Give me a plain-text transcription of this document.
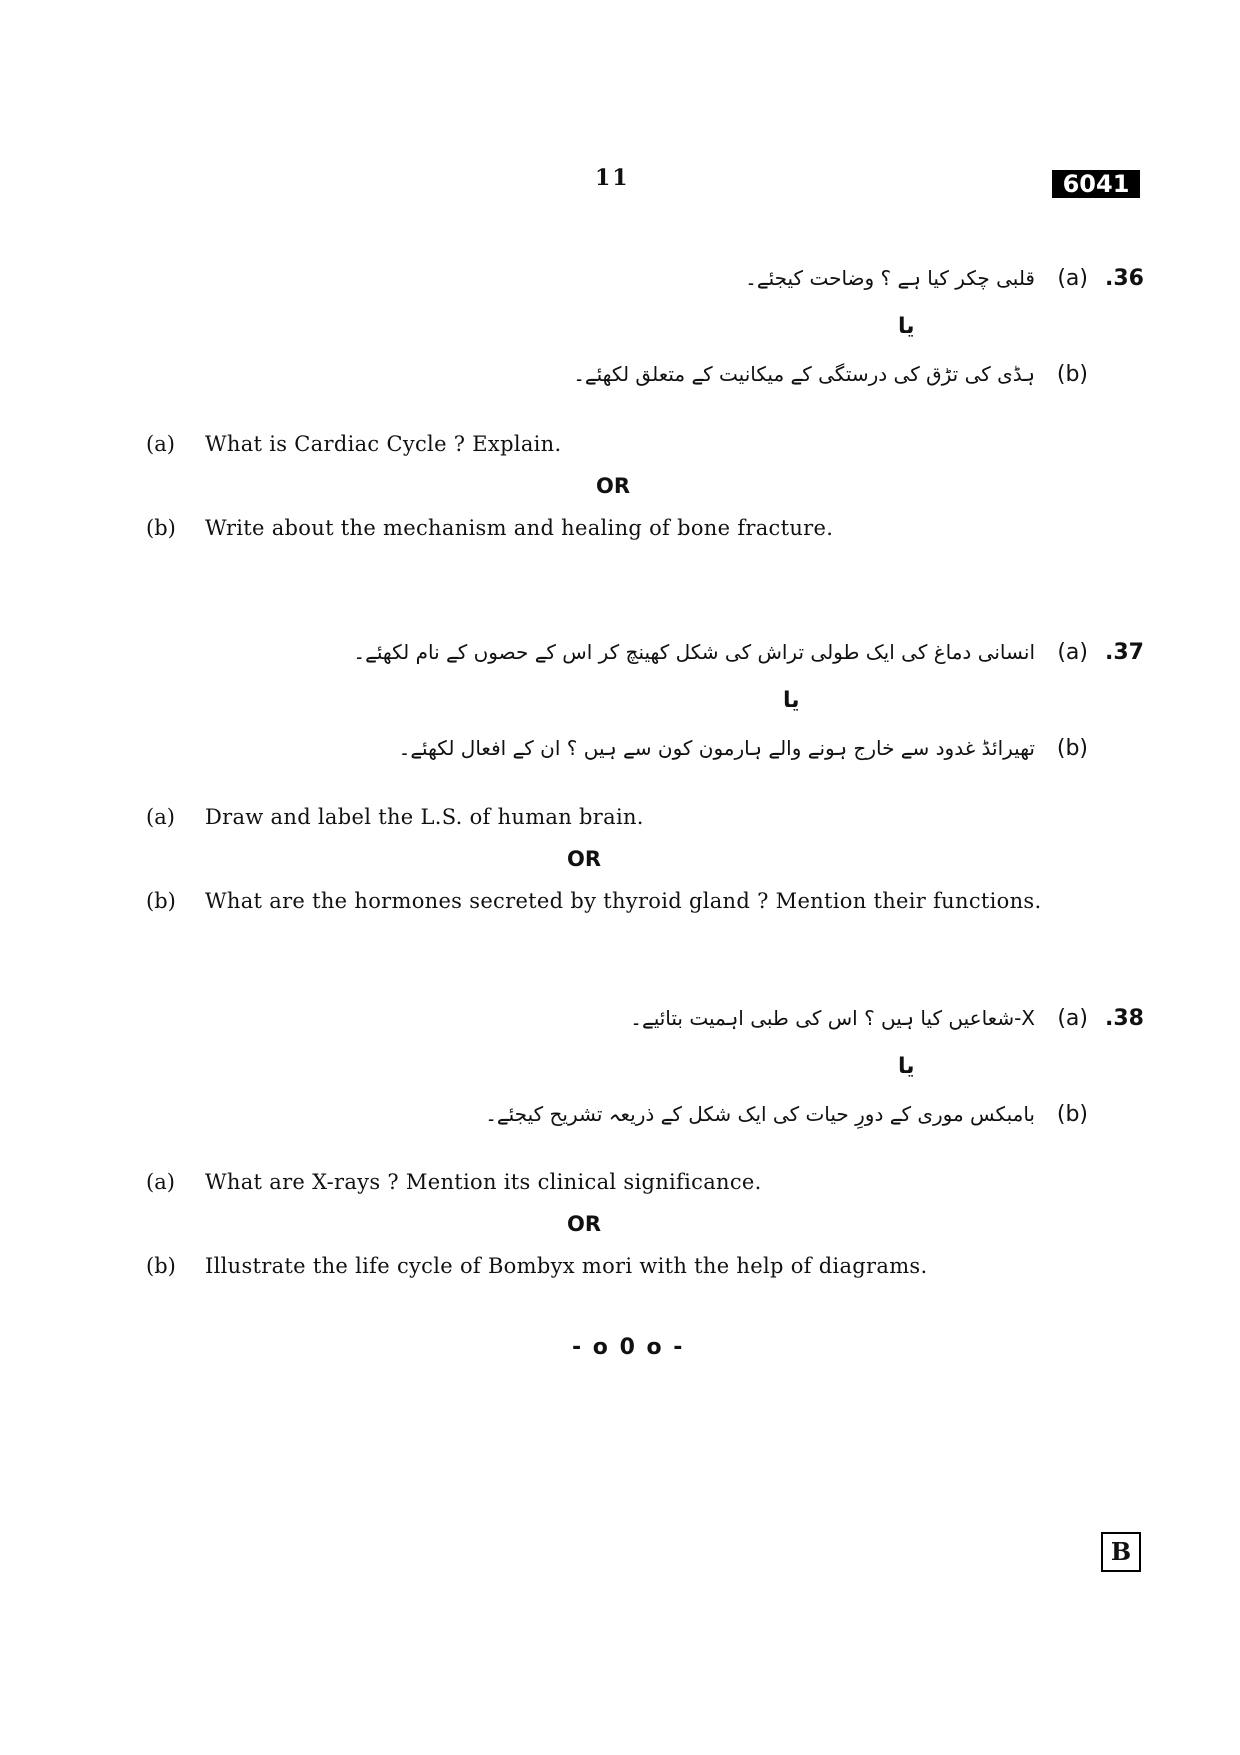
11	6041
.36
(a)
قلبی چکر کیا ہے ؟ وضاحت کیجئے۔
یا
(b)
ہڈی کی تڑق کی درستگی کے میکانیت کے متعلق لکھئے۔
(a) What is Cardiac Cycle ? Explain.
OR
(b) Write about the mechanism and healing of bone fracture.
.37
(a)
انسانی دماغ کی ایک طولی تراش کی شکل کھینچ کر اس کے حصوں کے نام لکھئے۔
یا
(b)
تھیرائڈ غدود سے خارج ہونے والے ہارمون کون سے ہیں ؟ ان کے افعال لکھئے۔
(a) Draw and label the L.S. of human brain.
OR
(b) What are the hormones secreted by thyroid gland ? Mention their functions.
.38
(a)
X-شعاعیں کیا ہیں ؟ اس کی طبی اہمیت بتائیے۔
یا
(b)
بامبکس موری کے دورِ حیات کی ایک شکل کے ذریعہ تشریح کیجئے۔
(a) What are X-rays ? Mention its clinical significance.
OR
(b) Illustrate the life cycle of Bombyx mori with the help of diagrams.
- o 0 o -
B
